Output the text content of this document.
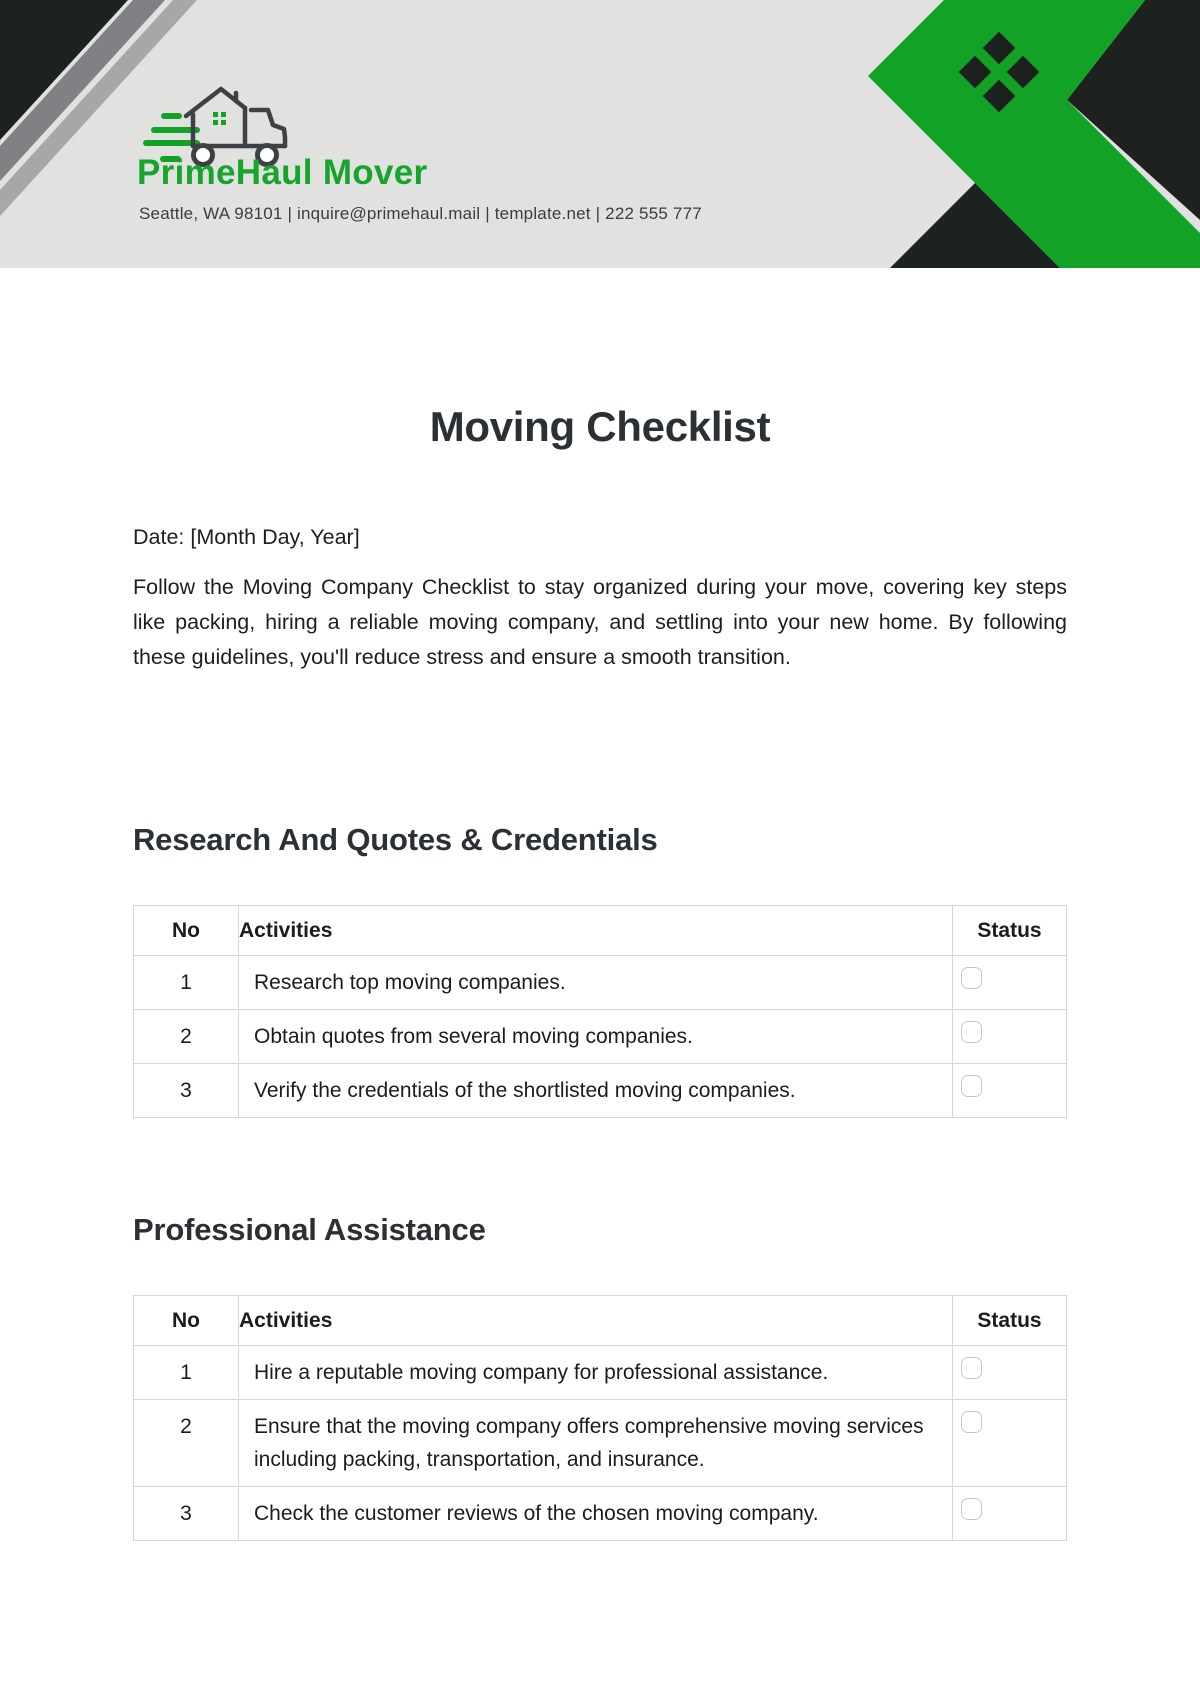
PrimeHaul Mover
Seattle, WA 98101 | inquire@primehaul.mail | template.net | 222 555 777
Moving Checklist
Date: [Month Day, Year]

Follow the Moving Company Checklist to stay organized during your move, covering key steps like packing, hiring a reliable moving company, and settling into your new home. By following these guidelines, you'll reduce stress and ensure a smooth transition.

Research And Quotes & Credentials
No	Activities	Status
1	Research top moving companies.	
2	Obtain quotes from several moving companies.	
3	Verify the credentials of the shortlisted moving companies.	
Professional Assistance
No	Activities	Status
1	Hire a reputable moving company for professional assistance.	
2	Ensure that the moving company offers comprehensive moving services including packing, transportation, and insurance.	
3	Check the customer reviews of the chosen moving company.	
